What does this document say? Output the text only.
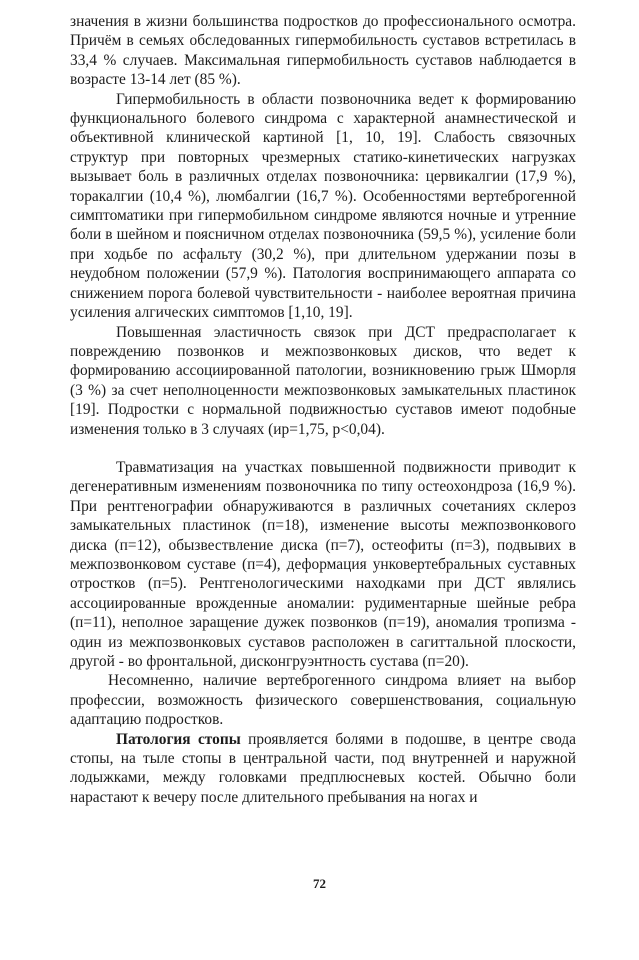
значения в жизни большинства подростков до профессионального осмотра. Причём в семьях обследованных гипермобильность суставов встретилась в 33,4 % случаев. Максимальная гипермобильность суставов наблюдается в возрасте 13-14 лет (85 %).

Гипермобильность в области позвоночника ведет к формированию функционального болевого синдрома с характерной анамнестической и объективной клинической картиной [1, 10, 19]. Слабость связочных структур при повторных чрезмерных статико-кинетических нагрузках вызывает боль в различных отделах позвоночника: цервикалгии (17,9 %), торакалгии (10,4 %), люмбалгии (16,7 %). Особенностями вертеброгенной симптоматики при гипермобильном синдроме являются ночные и утренние боли в шейном и поясничном отделах позвоночника (59,5 %), усиление боли при ходьбе по асфальту (30,2 %), при длительном удержании позы в неудобном положении (57,9 %). Патология воспринимающего аппарата со снижением порога болевой чувствительности - наиболее вероятная причина усиления алгических симптомов [1,10, 19].

Повышенная эластичность связок при ДСТ предрасполагает к повреждению позвонков и межпозвонковых дисков, что ведет к формированию ассоциированной патологии, возникновению грыж Шморля (3 %) за счет неполноценности межпозвонковых замыкательных пластинок [19]. Подростки с нормальной подвижностью суставов имеют подобные изменения только в 3 случаях (ир=1,75, р<0,04).

Травматизация на участках повышенной подвижности приводит к дегенеративным изменениям позвоночника по типу остеохондроза (16,9 %). При рентгенографии обнаруживаются в различных сочетаниях склероз замыкательных пластинок (п=18), изменение высоты межпозвонкового диска (п=12), обызвествление диска (п=7), остеофиты (п=3), подвывих в межпозвонковом суставе (п=4), деформация унковертебральных суставных отростков (п=5). Рентгенологическими находками при ДСТ являлись ассоциированные врожденные аномалии: рудиментарные шейные ребра (п=11), неполное заращение дужек позвонков (п=19), аномалия тропизма - один из межпозвонковых суставов расположен в сагиттальной плоскости, другой - во фронтальной, дисконгруэнтность сустава (п=20).

Несомненно, наличие вертеброгенного синдрома влияет на выбор профессии, возможность физического совершенствования, социальную адаптацию подростков.

Патология стопы проявляется болями в подошве, в центре свода стопы, на тыле стопы в центральной части, под внутренней и наружной лодыжками, между головками предплюсневых костей. Обычно боли нарастают к вечеру после длительного пребывания на ногах и

72
